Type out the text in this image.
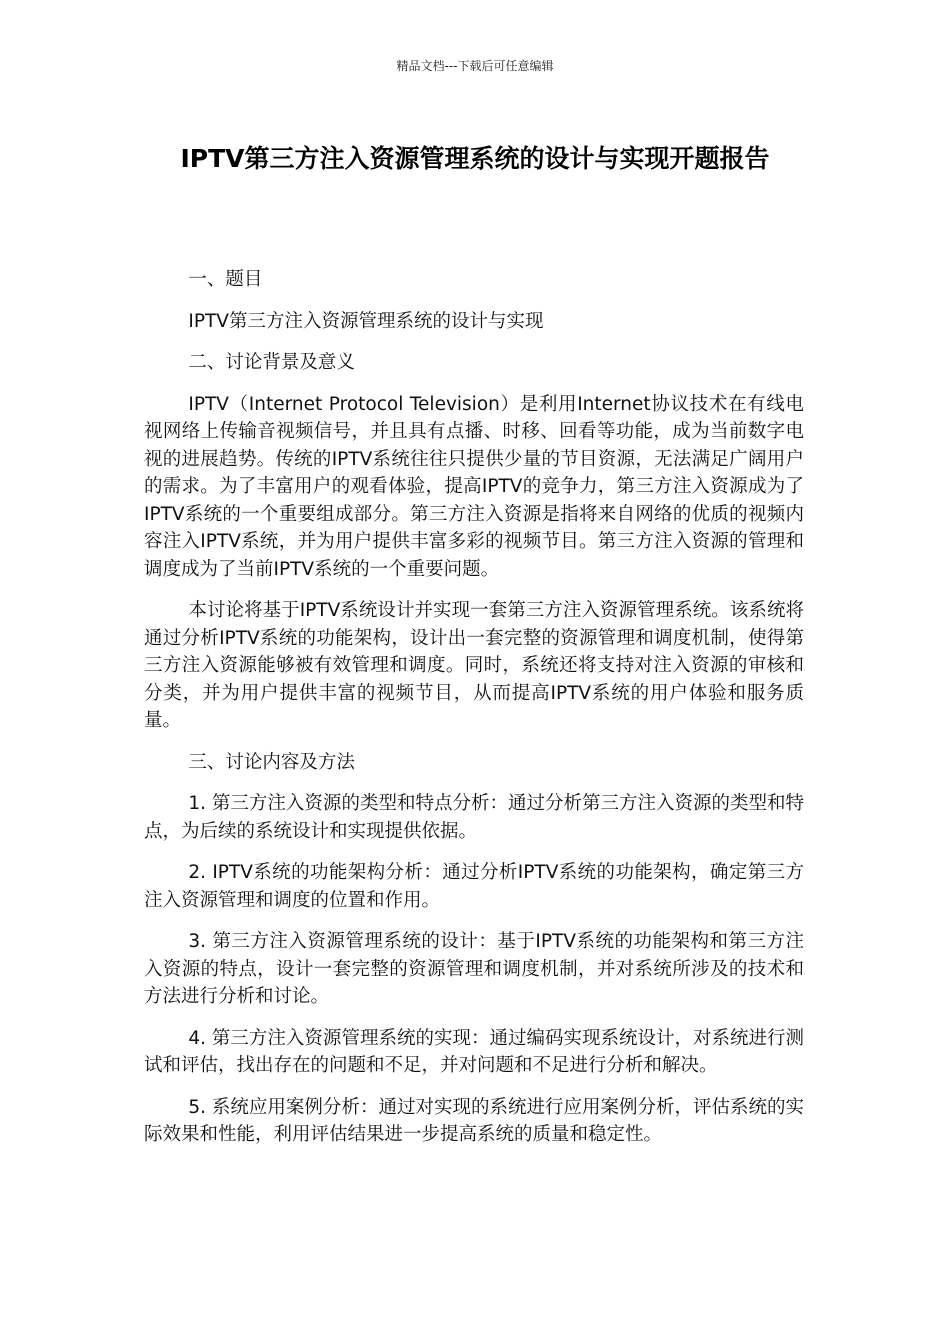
精品文档---下载后可任意编辑
IPTV第三方注入资源管理系统的设计与实现开题报告

一、题目

IPTV第三方注入资源管理系统的设计与实现

二、讨论背景及意义

IPTV（Internet Protocol Television）是利用Internet协议技术在有线电视网络上传输音视频信号，并且具有点播、时移、回看等功能，成为当前数字电视的进展趋势。传统的IPTV系统往往只提供少量的节目资源，无法满足广阔用户的需求。为了丰富用户的观看体验，提高IPTV的竞争力，第三方注入资源成为了IPTV系统的一个重要组成部分。第三方注入资源是指将来自网络的优质的视频内容注入IPTV系统，并为用户提供丰富多彩的视频节目。第三方注入资源的管理和调度成为了当前IPTV系统的一个重要问题。

本讨论将基于IPTV系统设计并实现一套第三方注入资源管理系统。该系统将通过分析IPTV系统的功能架构，设计出一套完整的资源管理和调度机制，使得第三方注入资源能够被有效管理和调度。同时，系统还将支持对注入资源的审核和分类，并为用户提供丰富的视频节目，从而提高IPTV系统的用户体验和服务质量。

三、讨论内容及方法

1. 第三方注入资源的类型和特点分析：通过分析第三方注入资源的类型和特点，为后续的系统设计和实现提供依据。

2. IPTV系统的功能架构分析：通过分析IPTV系统的功能架构，确定第三方注入资源管理和调度的位置和作用。

3. 第三方注入资源管理系统的设计：基于IPTV系统的功能架构和第三方注入资源的特点，设计一套完整的资源管理和调度机制，并对系统所涉及的技术和方法进行分析和讨论。

4. 第三方注入资源管理系统的实现：通过编码实现系统设计，对系统进行测试和评估，找出存在的问题和不足，并对问题和不足进行分析和解决。

5. 系统应用案例分析：通过对实现的系统进行应用案例分析，评估系统的实际效果和性能，利用评估结果进一步提高系统的质量和稳定性。
